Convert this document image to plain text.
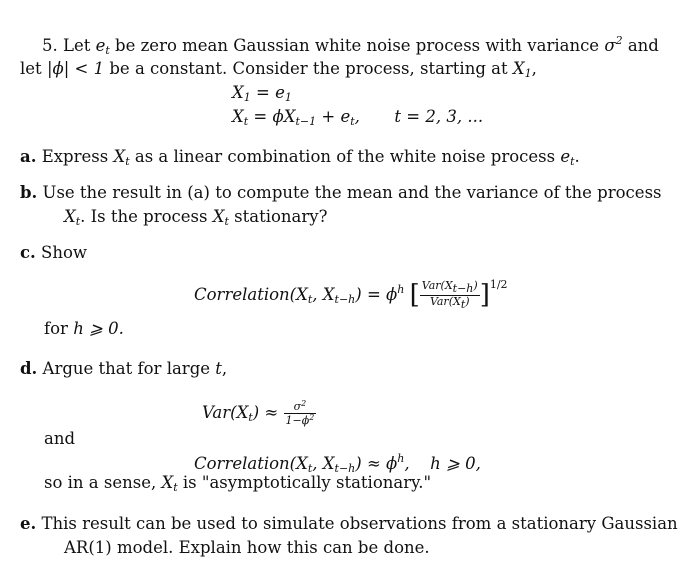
5. Let $e_t$ be zero mean Gaussian white noise process with variance $\sigma^2$ and
let |ϕ| < 1 be a constant. Consider the process, starting at $X_1$,
$X_1 = e_1$
$X_t = \phi X_{t-1} + e_t$,  t = 2, 3, ...
a. Express $X_t$ as a linear combination of the white noise process $e_t$.
b. Use the result in (a) to compute the mean and the variance of the process
$X_t$. Is the process $X_t$ stationary?
c. Show
$Correlation(X_t$, $X_{t-h}) = \phi^h$ [ $\frac{\text{Var(Xt−h)}}{\text{Var(Xt)}} ]^{1/2}$
for h ⩾ 0.
d. Argue that for large t,
$Var(X_t) \approx \frac{\sigma^2}{1-\phi^2}$
and
$Correlation(X_t$, $X_{t-h}) \approx \phi^h$,  h ⩾ 0,
so in a sense, $X_t$ is "asymptotically stationary."
e. This result can be used to simulate observations from a stationary Gaussian
AR(1) model. Explain how this can be done.
